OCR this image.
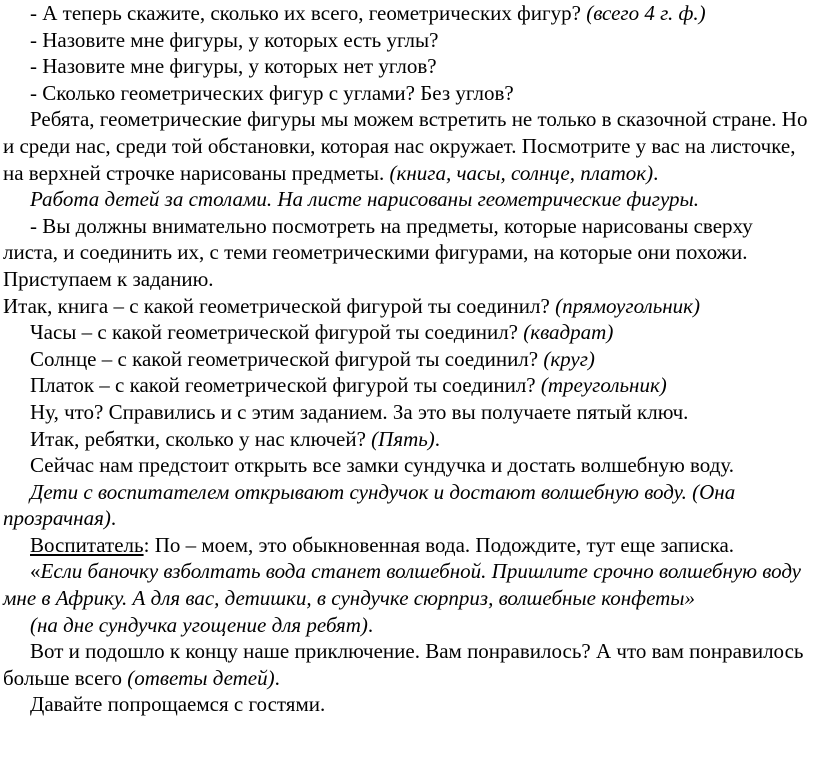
- А теперь скажите, сколько их всего, геометрических фигур? (всего 4 г. ф.)

- Назовите мне фигуры, у которых есть углы?

- Назовите мне фигуры, у которых нет углов?

- Сколько геометрических фигур с углами? Без углов?

Ребята, геометрические фигуры мы можем встретить не только в сказочной стране. Но и среди нас, среди той обстановки, которая нас окружает. Посмотрите у вас на листочке, на верхней строчке нарисованы предметы. (книга, часы, солнце, платок).

Работа детей за столами. На листе нарисованы геометрические фигуры.

- Вы должны внимательно посмотреть на предметы, которые нарисованы сверху листа, и соединить их, с теми геометрическими фигурами, на которые они похожи. Приступаем к заданию.

Итак, книга – с какой геометрической фигурой ты соединил? (прямоугольник)

Часы – с какой геометрической фигурой ты соединил? (квадрат)

Солнце – с какой геометрической фигурой ты соединил? (круг)

Платок – с какой геометрической фигурой ты соединил? (треугольник)

Ну, что? Справились и с этим заданием. За это вы получаете пятый ключ.

Итак, ребятки, сколько у нас ключей? (Пять).

Сейчас нам предстоит открыть все замки сундучка и достать волшебную воду.

Дети с воспитателем открывают сундучок и достают волшебную воду. (Она прозрачная).

Воспитатель: По – моем, это обыкновенная вода. Подождите, тут еще записка.

«Если баночку взболтать вода станет волшебной. Пришлите срочно волшебную воду мне в Африку. А для вас, детишки, в сундучке сюрприз, волшебные конфеты»

(на дне сундучка угощение для ребят).

Вот и подошло к концу наше приключение. Вам понравилось? А что вам понравилось больше всего (ответы детей).

Давайте попрощаемся с гостями.
